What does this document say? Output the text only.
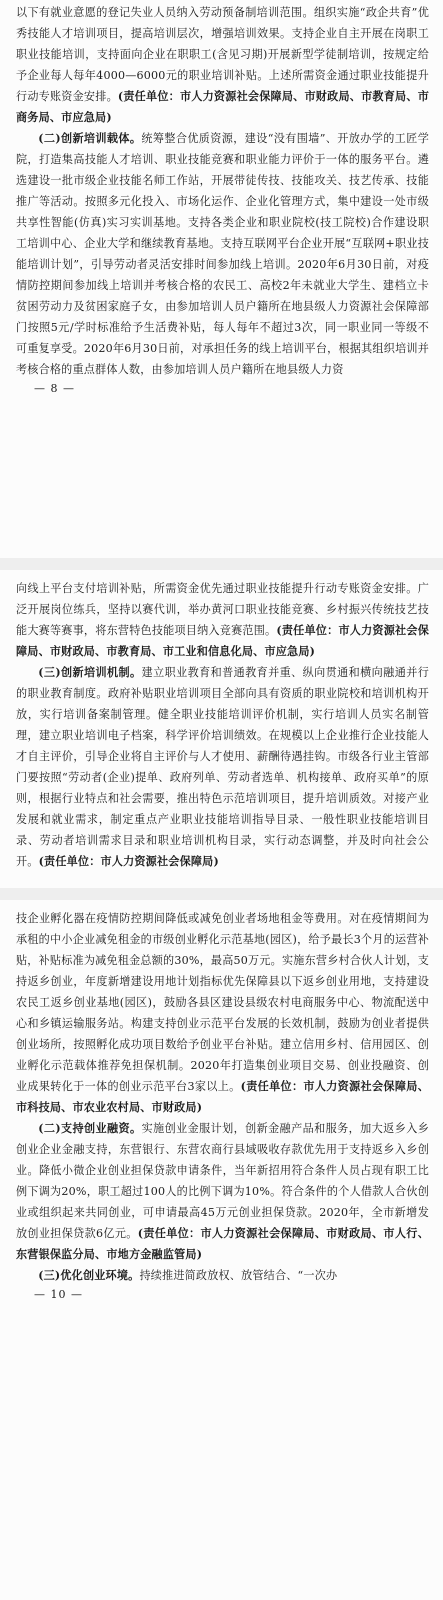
以下有就业意愿的登记失业人员纳入劳动预备制培训范围。组织实施“政企共育”优秀技能人才培训项目，提高培训层次，增强培训效果。支持企业自主开展在岗职工职业技能培训，支持面向企业在职职工(含见习期)开展新型学徒制培训，按规定给予企业每人每年4000—6000元的职业培训补贴。上述所需资金通过职业技能提升行动专账资金安排。(责任单位：市人力资源社会保障局、市财政局、市教育局、市商务局、市应急局)

(二)创新培训载体。统筹整合优质资源，建设“没有围墙”、开放办学的工匠学院，打造集高技能人才培训、职业技能竞赛和职业能力评价于一体的服务平台。遴选建设一批市级企业技能名师工作站，开展带徒传技、技能攻关、技艺传承、技能推广等活动。按照多元化投入、市场化运作、企业化管理方式，集中建设一处市级共享性智能(仿真)实习实训基地。支持各类企业和职业院校(技工院校)合作建设职工培训中心、企业大学和继续教育基地。支持互联网平台企业开展“互联网+职业技能培训计划”，引导劳动者灵活安排时间参加线上培训。2020年6月30日前，对疫情防控期间参加线上培训并考核合格的农民工、高校2年未就业大学生、建档立卡贫困劳动力及贫困家庭子女，由参加培训人员户籍所在地县级人力资源社会保障部门按照5元/学时标准给予生活费补贴，每人每年不超过3次，同一职业同一等级不可重复享受。2020年6月30日前，对承担任务的线上培训平台，根据其组织培训并考核合格的重点群体人数，由参加培训人员户籍所在地县级人力资

— 8 —

向线上平台支付培训补贴，所需资金优先通过职业技能提升行动专账资金安排。广泛开展岗位练兵，坚持以赛代训，举办黄河口职业技能竞赛、乡村振兴传统技艺技能大赛等赛事，将东营特色技能项目纳入竞赛范围。(责任单位：市人力资源社会保障局、市财政局、市教育局、市工业和信息化局、市应急局)

(三)创新培训机制。建立职业教育和普通教育并重、纵向贯通和横向融通并行的职业教育制度。政府补贴职业培训项目全部向具有资质的职业院校和培训机构开放，实行培训备案制管理。健全职业技能培训评价机制，实行培训人员实名制管理，建立职业培训电子档案，科学评价培训绩效。在规模以上企业推行企业技能人才自主评价，引导企业将自主评价与人才使用、薪酬待遇挂钩。市级各行业主管部门要按照“劳动者(企业)提单、政府列单、劳动者选单、机构接单、政府买单”的原则，根据行业特点和社会需要，推出特色示范培训项目，提升培训质效。对接产业发展和就业需求，制定重点产业职业技能培训指导目录、一般性职业技能培训目录、劳动者培训需求目录和职业培训机构目录，实行动态调整，并及时向社会公开。(责任单位：市人力资源社会保障局)

技企业孵化器在疫情防控期间降低或减免创业者场地租金等费用。对在疫情期间为承租的中小企业减免租金的市级创业孵化示范基地(园区)，给予最长3个月的运营补贴，补贴标准为减免租金总额的30%，最高50万元。实施东营乡村合伙人计划，支持返乡创业，年度新增建设用地计划指标优先保障县以下返乡创业用地，支持建设农民工返乡创业基地(园区)，鼓励各县区建设县级农村电商服务中心、物流配送中心和乡镇运输服务站。构建支持创业示范平台发展的长效机制，鼓励为创业者提供创业场所，按照孵化成功项目数给予创业平台补贴。建立信用乡村、信用园区、创业孵化示范载体推荐免担保机制。2020年打造集创业项目交易、创业投融资、创业成果转化于一体的创业示范平台3家以上。(责任单位：市人力资源社会保障局、市科技局、市农业农村局、市财政局)

(二)支持创业融资。实施创业金服计划，创新金融产品和服务，加大返乡入乡创业企业金融支持，东营银行、东营农商行县域吸收存款优先用于支持返乡入乡创业。降低小微企业创业担保贷款申请条件，当年新招用符合条件人员占现有职工比例下调为20%，职工超过100人的比例下调为10%。符合条件的个人借款人合伙创业或组织起来共同创业，可申请最高45万元创业担保贷款。2020年，全市新增发放创业担保贷款6亿元。(责任单位：市人力资源社会保障局、市财政局、市人行、东营银保监分局、市地方金融监管局)

(三)优化创业环境。持续推进简政放权、放管结合、“一次办

— 10 —
